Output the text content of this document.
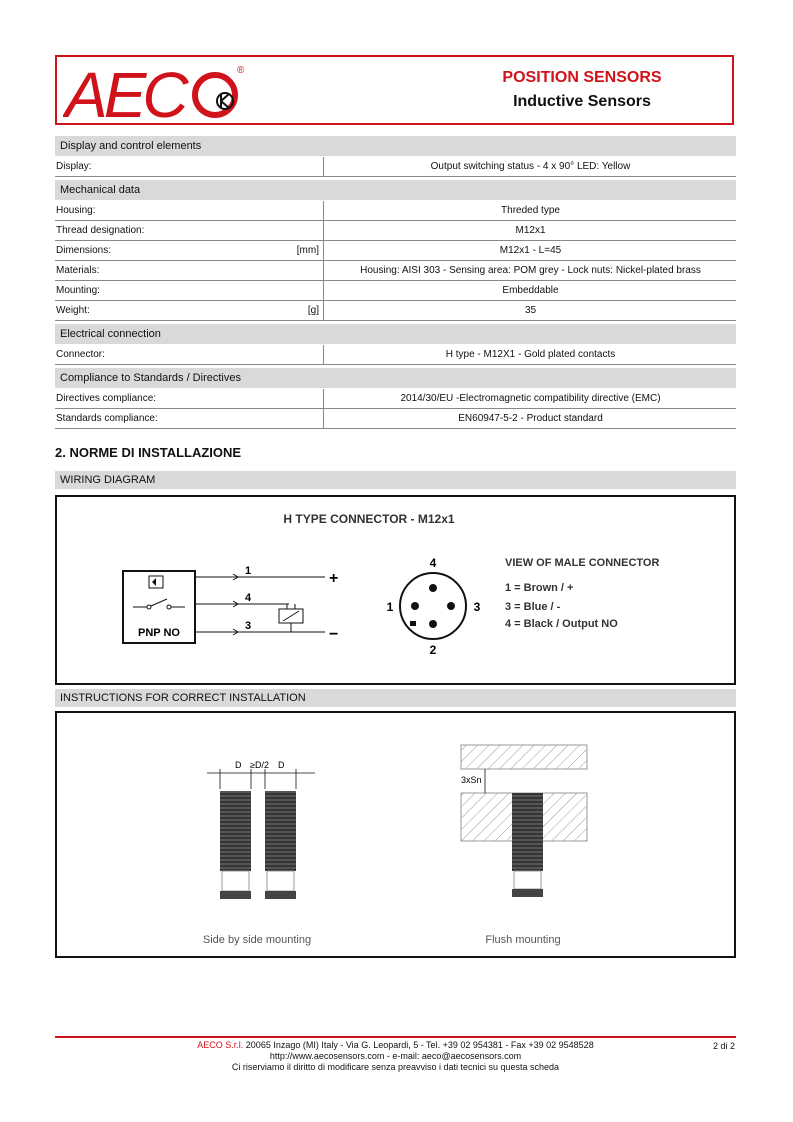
AEC	®	POSITION SENSORS
Inductive Sensors
Display and control elements
Display:	Output switching status - 4 x 90° LED: Yellow
Mechanical data
Housing:	Threded type
Thread designation:	M12x1
Dimensions:	[mm]	M12x1 - L=45
Materials:	Housing: AISI 303 - Sensing area: POM grey - Lock nuts: Nickel-plated brass
Mounting:	Embeddable
Weight:	[g]	35
Electrical connection
Connector:	H type - M12X1 - Gold plated contacts
Compliance to Standards / Directives
Directives compliance:	2014/30/EU -Electromagnetic compatibility directive (EMC)
Standards compliance:	EN60947-5-2 - Product standard
2. NORME DI INSTALLAZIONE
WIRING DIAGRAM
H TYPE CONNECTOR - M12x1
PNP NO
1
4
3
+
−
4
1	3
2
VIEW OF MALE CONNECTOR
1 = Brown / +
3 = Blue / -
4 = Black / Output NO
INSTRUCTIONS FOR CORRECT INSTALLATION
D ≥D/2 D
Side by side mounting
3xSn
Flush mounting
AECO S.r.l. 20065 Inzago (MI) Italy - Via G. Leopardi, 5 - Tel. +39 02 954381 - Fax +39 02 9548528
http://www.aecosensors.com - e-mail: aeco@aecosensors.com
Ci riserviamo il diritto di modificare senza preavviso i dati tecnici su questa scheda
2 di 2
